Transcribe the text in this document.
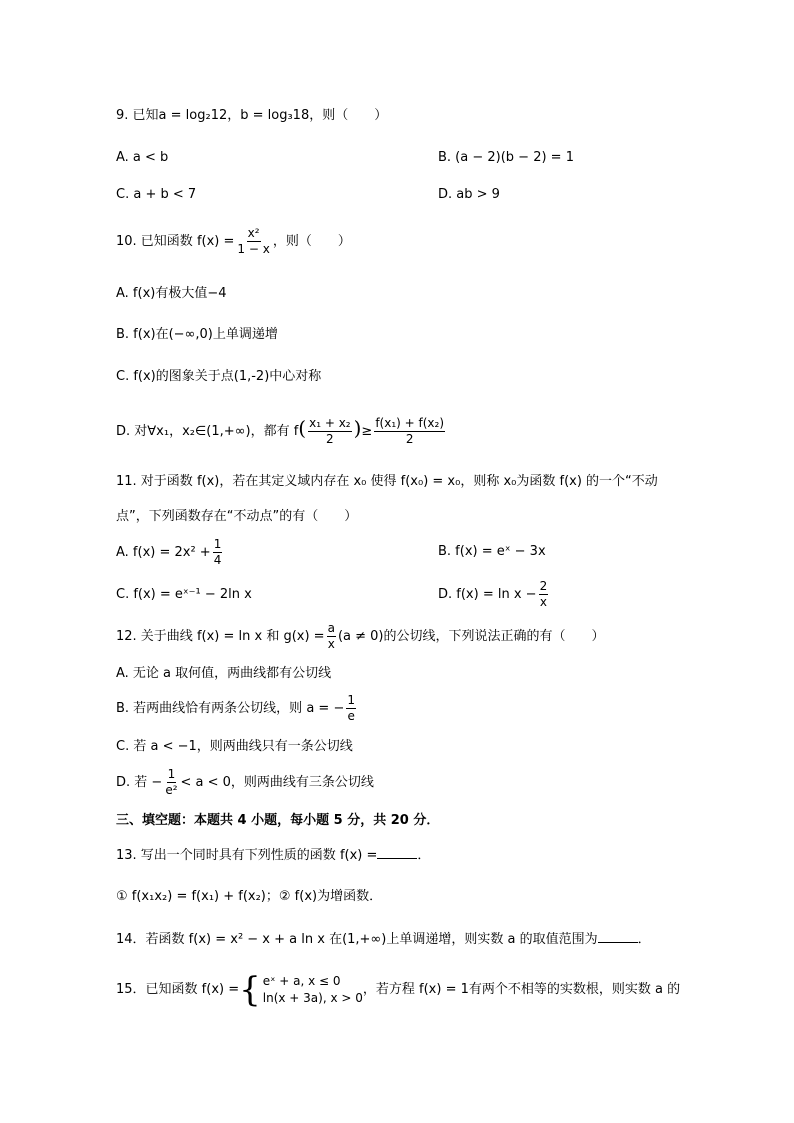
9. 已知a = log₂12，b = log₃18，则（　　）
A. a < b	B. (a − 2)(b − 2) = 1
C. a + b < 7	D. ab > 9
10. 已知函数 $f(x) = \frac{\text{x²}}{1 - x}$ ，则（　　）
A. f(x)有极大值−4
B. f(x)在(−∞,0)上单调递增
C. f(x)的图象关于点(1,-2)中心对称
D. 对∀x₁，x₂∈(1,+∞)，都有 $f( \frac{\text{x₁ + x₂}}{2}$ )≥ $\frac{\text{f(x₁) + f(x₂)}}{2}$
11. 对于函数 f(x)，若在其定义域内存在 x₀ 使得 f(x₀) = x₀，则称 x₀为函数 f(x) 的一个“不动
点”，下列函数存在“不动点”的有（　　）
A. $f(x) = 2x^2 + \frac{1}{4}$	B. f(x) = eˣ − 3x
C. f(x) = eˣ⁻¹ − 2ln x	D. $f(x) = \ln x - \frac{2}{x}$
12. 关于曲线 f(x) = ln x 和 $g(x) = \frac{a}{x} (a \ne 0)$的公切线，下列说法正确的有（　　）
A. 无论 a 取何值，两曲线都有公切线
B. 若两曲线恰有两条公切线，则 a = − $\frac{1}{e}$
C. 若 a < −1，则两曲线只有一条公切线
D. 若 − $\frac{1}{\text{e²}} < a < 0$，则两曲线有三条公切线
三、填空题：本题共 4 小题，每小题 5 分，共 20 分．
13. 写出一个同时具有下列性质的函数 f(x) =	．
① f(x₁x₂) = f(x₁) + f(x₂)；② f(x)为增函数．
14．若函数 f(x) = x² − x + a ln x 在(1,+∞)上单调递增，则实数 a 的取值范围为	．
15．已知函数 f(x) = { eˣ + a, x ≤ 0
ln(x + 3a), x > 0
，若方程 f(x) = 1有两个不相等的实数根，则实数 a 的
